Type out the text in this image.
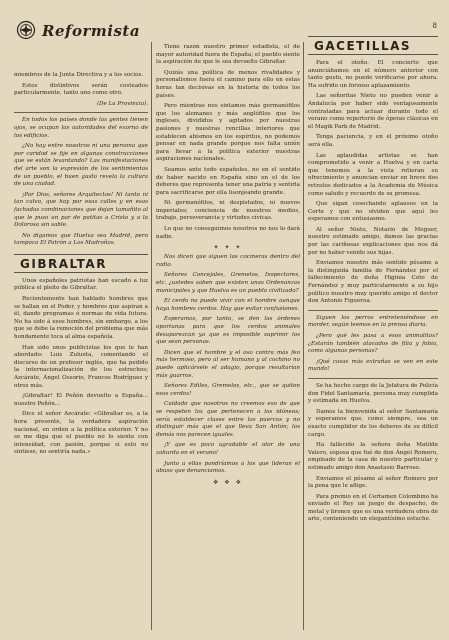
Reformista	8

miembros de la Junta Directiva y a los socios.

Estos distintivos serán costeados particularmente, tanto uno como otro.

(De La Provincia).

En todos los países donde las gentes tienen ojos, se ocupan las autoridades del exorno de los edificios.

¿No hay entre nosotros ni una persona que por caridad se fije en algunas construcciones que se están levantando? Las manifestaciones del arte son la expresión de los sentimientos de un pueblo, el buen gusto revela la cultura de una ciudad.

¡Por Dios, señores Arquitectos! Ni tanto ni tan calvo, que hay por esas calles y en esas fachadas combinaciones que dejan tamañito al que le puso un par de patitas a Cristo y a la Dolorosa sin sable.

No digamos que Huelva sea Madrid, pero tampoco El Patrón a Los Madroños.

GIBRALTAR

Unos españoles patriotas han escado a luz pública el pleito de Gibraltar.

Recientemente han hablado hombres que se hallan en el Poder, y hombres que aspiran a él, dando programas ó normas de vida futura. No ha sido á esos hombres, sin embargo, a los que se debe la remoción del problema que más hondamente toca al alma española.

Han sido unos publicistas los que le han abordado: Luis Zulueta, comentando el discurso de un profesor inglés, que ha pedido la internacionalización de los estrechos; Azcárate, Ángel Ossorio, Francos Rodríguez y otros más.

¡Gibraltar! El Peñón devuelto a España... nuestro Peñón...

Dice el señor Azcárate: «Gibraltar es, a la hora presente, la verdadera aspiración nacional, en orden a la política exterior. Y no se me diga que el pueblo no lo siente con intensidad, con pasión, porque si esto no sintiese, no sentiría nada.»

Tiene razón nuestro primer estadista, el de mayor autoridad fuera de España; el pueblo siente la aspiración de que le sea devuelto Gibraltar.

Quizás una política de menos rivalidades y personalismos fuera el camino para ello en estas horas tan decisivas en la historia de todos los países.

Pero mientras nos sintamos más germanófilos que los alemanes y más anglófilos que los ingleses, divididos y agitados por nuestras pasiones y nuestras rencillas interiores que establecen abismos en los espíritus, no podemos pensar en nada grande porque nos falta unión para llevar a la política exterior nuestras aspiraciones nacionales.

Seamos ante todo españoles, no en el sentido de haber nacido en España sino en el de los deberes que representa tener una patria y sentirla para sacrificarse por ella lisonjeando grande.

Ni germanófilos, ni despistados, ni nuevos imperiales; conciencia de nuestros medios, trabajo, perseverancia y virtudes cívicas.

Lo que no conseguimos nosotros no nos lo dará nadie.

✦ ✦ ✦

Nos dicen que siguen las cocineras dentro del radio.

Señores Concejales, Gremelos, Inspectores, etc. ¿ustedes saben que existen unas Ordenanzas municipales y que Huelva es un pueblo civilizado?

El cerdo no puede vivir con el hombre aunque haya hombres cerdos. Hay que evitar confusiones.

Esperamos, por tanto, se den las órdenes oportunas para que los cerdos animales desaparezcan ya que es imposible suprimir los que sean personas.

Dicen que el hombre y el oso contra más feo más hermoso, pero al ser humano y al cochino no puede aplicársele el adagio, porque resultarían más guarros.

Señores Ediles, Gremelos, etc., que se quiten esos cerdos!

Cuidado que nosotros no creemos eso de que se respeten los que pertenecen a los idóneos; sería establecer clases entre los puercos y no distinguir más que el que lleva San Antón; los demás nos parecen iguales.

¡Y que es poco agradable el olor de una zahurda en el verano!

Junto a ellas pondríamos a los que lideran el abuso que denunciamos.

❖ ❖ ❖
GACETILLAS

Para el otoño. El concierto que anunciábamos en el número anterior con tanto gusto, no puede verificarse por ahora. Ha sufrido un forzoso aplazamiento.

Las señoritas Nieto no pueden venir a Andalucía por haber sido ventajosamente contratadas para actuar durante todo el verano como repertorio de óperas clásicas en el Magik Park de Madrid.

Tenga paciencia, y en el próximo otoño será ella.

Las aplaudidas artistas se han comprometido a venir a Huelva y en carta que tenemos a la vista retieran su ofrecimiento y anuncian enviar en breve dos retratos dedicados a la Academia de Música como saludo y recuerdo de su promesa.

Que sigan cosechando aplausos en la Corte y que no olviden que aquí les esperamos con entusiasmo.

Al señor Nieto, Notario de Moguer, nuestro estimado amigo, damos las gracias por las cariñosas explicaciones que nos dá por no haber venido sus hijas.

Enviamos nuestro más sentido pésame a la distinguida familia de Fernández por el fallecimiento de doña Higinia Coto de Fernández y muy particularmente a su hijo político nuestro muy querido amigo el doctor don Antonio Figueroa.

Siguen los perros entreteniéndose en morder, según leemos en la prensa diaria.

¿Pero qué les pasa a esos animalitos? ¿Estarán también atacados de filia y fobia, como algunas personas?

¡Qué cosas más extrañas se ven en este mundo!

Se ha hecho cargo de la Jefatura de Policía don Fidel Santamaría, persona muy cumplida y estimada en Huelva.

Damos la bienvenida al señor Santamaría y esperamos que, como siempre, sea un exacto cumplidor de los deberes de su difícil cargo.

Ha fallecido la señora doña Matilde Valero, esposa que fué de don Ángel Romero, empleado de la casa de nuestro particular y estimado amigo don Anastasio Barroso.

Enviamos el pésame al señor Romero por la pena que le aflige.

Para premio en el Certamen Colombino ha enviado el Rey un juego de despacho, de metal y bronce que es una verdadera obra de arte, conteniendo un elegantísimo estuche.
